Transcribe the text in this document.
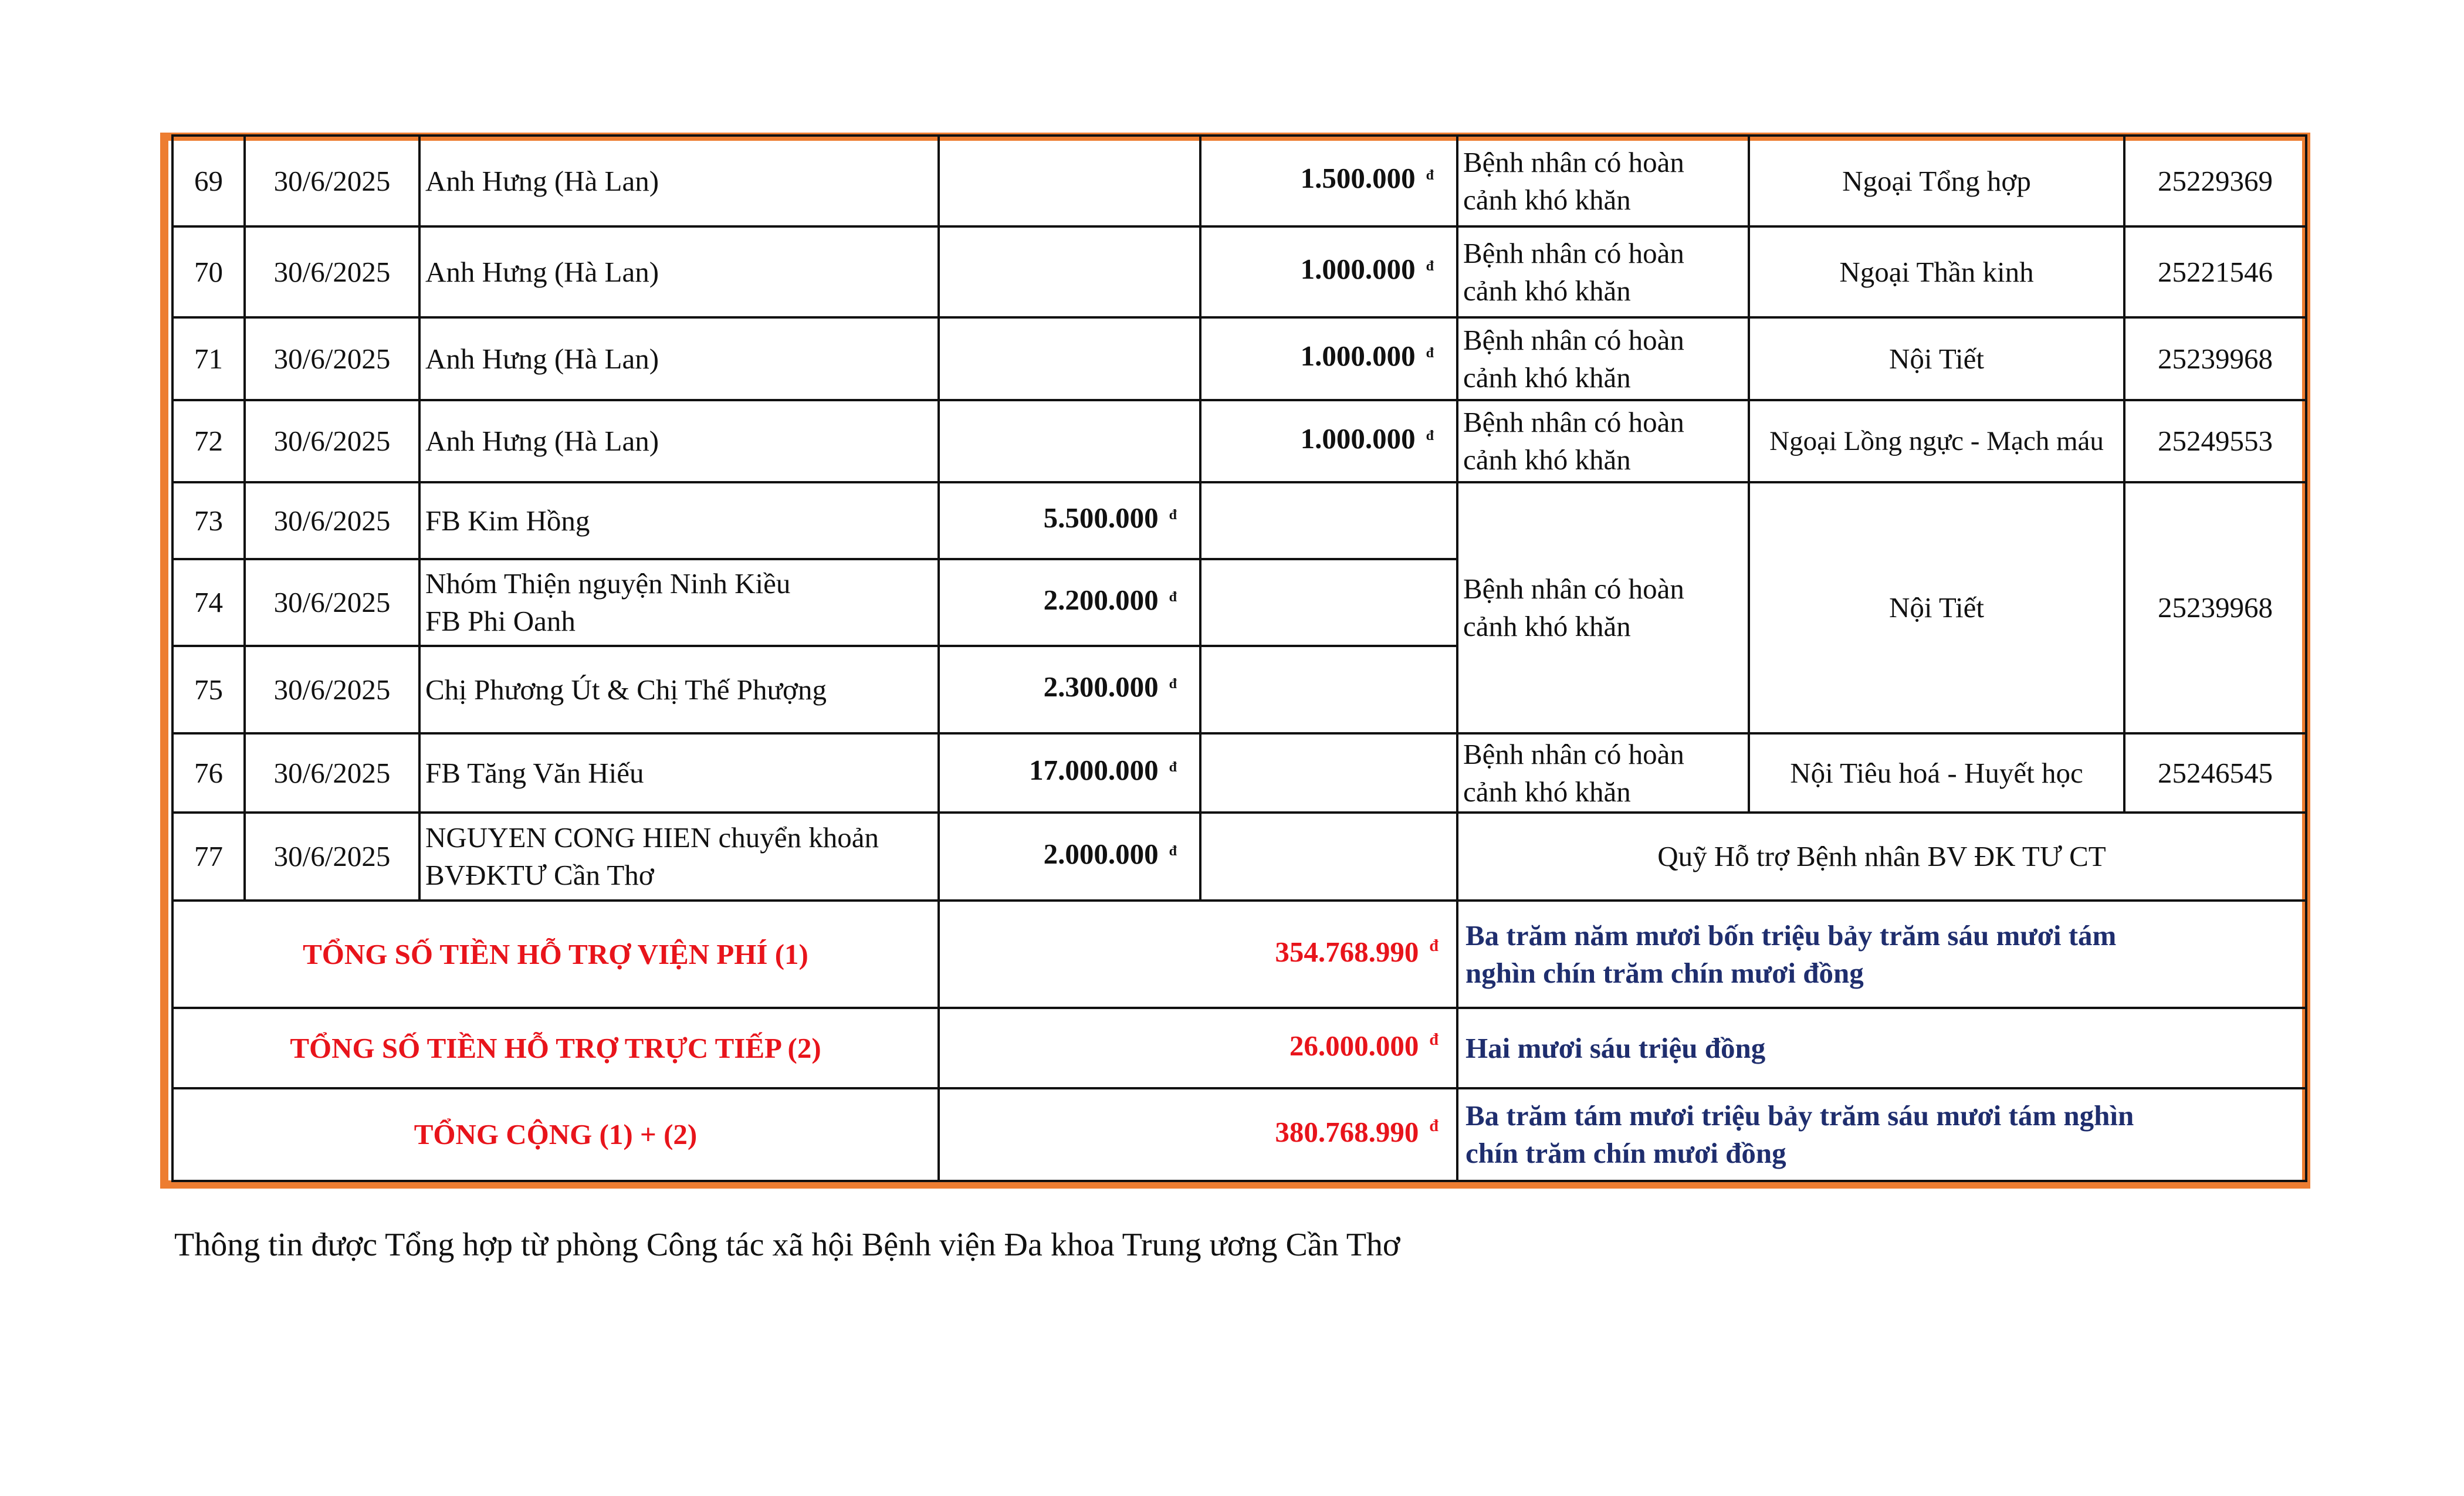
69	30/6/2025	Anh Hưng (Hà Lan)		1.500.000 $^đ$	Bệnh nhân có hoàn
cảnh khó khăn	Ngoại Tổng hợp	25229369
70	30/6/2025	Anh Hưng (Hà Lan)		1.000.000 $^đ$	Bệnh nhân có hoàn
cảnh khó khăn	Ngoại Thần kinh	25221546
71	30/6/2025	Anh Hưng (Hà Lan)		1.000.000 $^đ$	Bệnh nhân có hoàn
cảnh khó khăn	Nội Tiết	25239968
72	30/6/2025	Anh Hưng (Hà Lan)		1.000.000 $^đ$	Bệnh nhân có hoàn
cảnh khó khăn	Ngoại Lồng ngực - Mạch máu	25249553
73	30/6/2025	FB Kim Hồng	5.500.000 $^đ$		Bệnh nhân có hoàn
cảnh khó khăn	Nội Tiết	25239968
74	30/6/2025	Nhóm Thiện nguyện Ninh Kiều
FB Phi Oanh	2.200.000 $^đ$	
75	30/6/2025	Chị Phương Út & Chị Thế Phượng	2.300.000 $^đ$	
76	30/6/2025	FB Tăng Văn Hiếu	17.000.000 $^đ$		Bệnh nhân có hoàn
cảnh khó khăn	Nội Tiêu hoá - Huyết học	25246545
77	30/6/2025	NGUYEN CONG HIEN chuyển khoản
BVĐKTƯ Cần Thơ	2.000.000 $^đ$		Quỹ Hỗ trợ Bệnh nhân BV ĐK TƯ CT		
TỔNG SỐ TIỀN HỖ TRỢ VIỆN PHÍ (1)			354.768.990 $^đ$		Ba trăm năm mươi bốn triệu bảy trăm sáu mươi tám
nghìn chín trăm chín mươi đồng		
TỔNG SỐ TIỀN HỖ TRỢ TRỰC TIẾP (2)			26.000.000 $^đ$		Hai mươi sáu triệu đồng		
TỔNG CỘNG (1) + (2)			380.768.990 $^đ$		Ba trăm tám mươi triệu bảy trăm sáu mươi tám nghìn
chín trăm chín mươi đồng		
Thông tin được Tổng hợp từ phòng Công tác xã hội Bệnh viện Đa khoa Trung ương Cần Thơ
